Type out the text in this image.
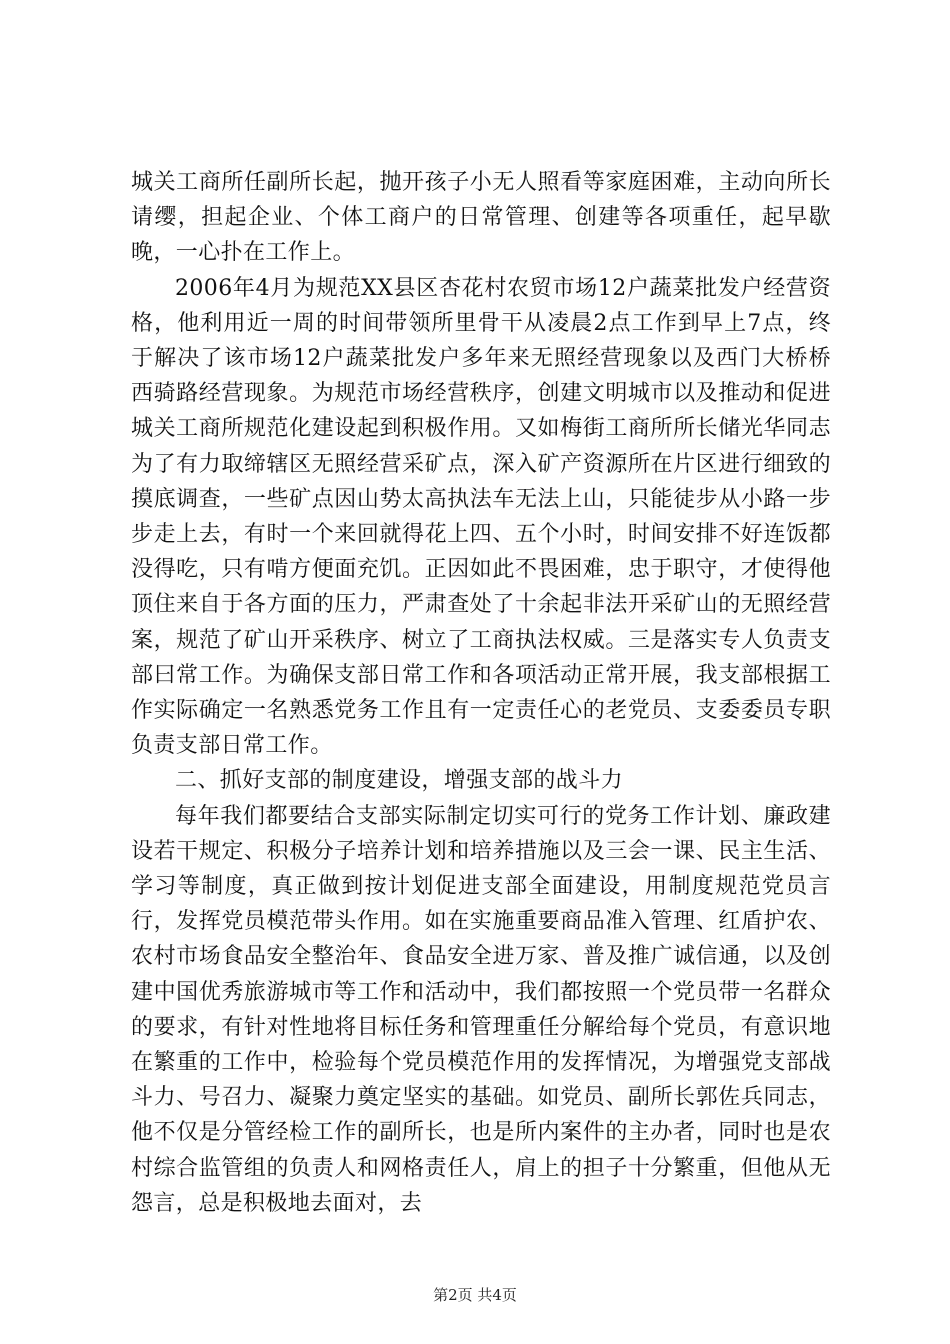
城关工商所任副所长起，抛开孩子小无人照看等家庭困难，主动向所长请缨，担起企业、个体工商户的日常管理、创建等各项重任，起早歇晚，一心扑在工作上。

2006年4月为规范XX县区杏花村农贸市场12户蔬菜批发户经营资格，他利用近一周的时间带领所里骨干从凌晨2点工作到早上7点，终于解决了该市场12户蔬菜批发户多年来无照经营现象以及西门大桥桥西骑路经营现象。为规范市场经营秩序，创建文明城市以及推动和促进城关工商所规范化建设起到积极作用。又如梅街工商所所长储光华同志为了有力取缔辖区无照经营采矿点，深入矿产资源所在片区进行细致的摸底调查，一些矿点因山势太高执法车无法上山，只能徒步从小路一步步走上去，有时一个来回就得花上四、五个小时，时间安排不好连饭都没得吃，只有啃方便面充饥。正因如此不畏困难，忠于职守，才使得他顶住来自于各方面的压力，严肃查处了十余起非法开采矿山的无照经营案，规范了矿山开采秩序、树立了工商执法权威。三是落实专人负责支部曰常工作。为确保支部日常工作和各项活动正常开展，我支部根据工作实际确定一名熟悉党务工作且有一定责任心的老党员、支委委员专职负责支部日常工作。

二、抓好支部的制度建设，增强支部的战斗力

每年我们都要结合支部实际制定切实可行的党务工作计划、廉政建设若干规定、积极分子培养计划和培养措施以及三会一课、民主生活、学习等制度，真正做到按计划促进支部全面建设，用制度规范党员言行，发挥党员模范带头作用。如在实施重要商品准入管理、红盾护农、农村市场食品安全整治年、食品安全进万家、普及推广诚信通，以及创建中国优秀旅游城市等工作和活动中，我们都按照一个党员带一名群众的要求，有针对性地将目标任务和管理重任分解给每个党员，有意识地在繁重的工作中，检验每个党员模范作用的发挥情况，为增强党支部战斗力、号召力、凝聚力奠定坚实的基础。如党员、副所长郭佐兵同志，他不仅是分管经检工作的副所长，也是所内案件的主办者，同时也是农村综合监管组的负责人和网格责任人，肩上的担子十分繁重，但他从无怨言，总是积极地去面对，去

第2页 共4页
